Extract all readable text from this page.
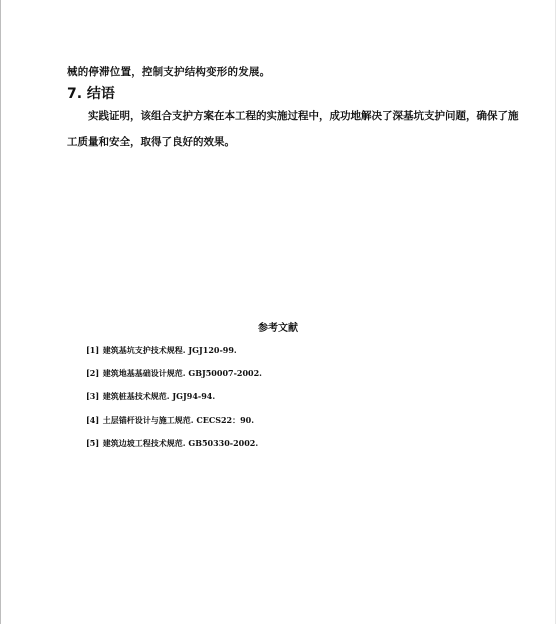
械的停滞位置，控制支护结构变形的发展。
7. 结语
实践证明，该组合支护方案在本工程的实施过程中，成功地解决了深基坑支护问题，确保了施
工质量和安全，取得了良好的效果。
参考文献
[1] 建筑基坑支护技术规程. JGJ120-99.
[2] 建筑地基基础设计规范. GBJ50007-2002.
[3] 建筑桩基技术规范. JGJ94-94.
[4] 土层锚杆设计与施工规范. CECS22：90.
[5] 建筑边坡工程技术规范. GB50330-2002.
